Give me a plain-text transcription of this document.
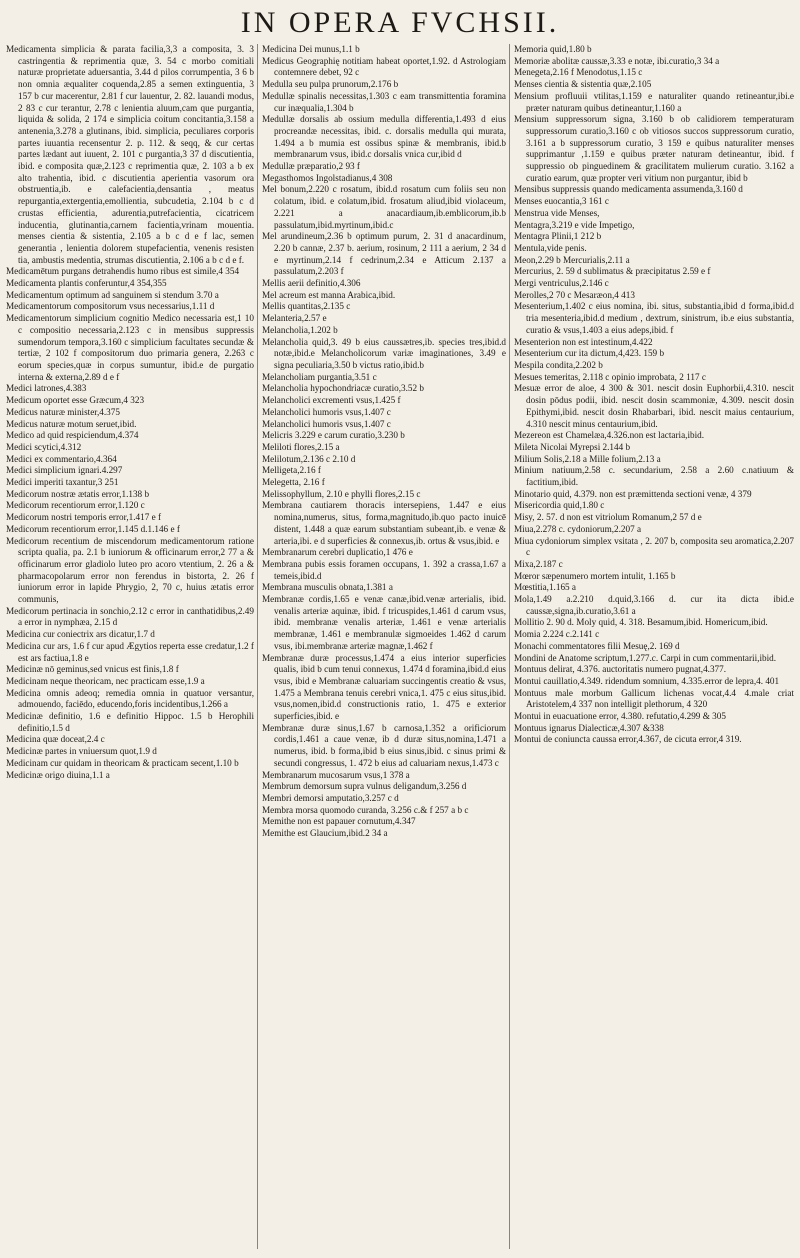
IN OPERA FVCHSII.

Medicamenta simplicia & parata facilia,3,3 a composita, 3. 3 castringentia & reprimentia quæ, 3. 54 c morbo comitiali naturæ proprietate aduersantia, 3.44 d pilos corrumpentia, 3 6 b non omnia æqualiter coquenda,2.85 a semen extinguentia, 3 157 b cur macerentur, 2.81 f cur lauentur, 2. 82. lauandi modus, 2 83 c cur terantur, 2.78 c lenientia aluum,cam que purgantia, liquida & solida, 2 174 e simplicia coitum concitantia,3.158 a antenenia,3.278 a glutinans, ibid. simplicia, peculiares corporis partes iuuantia recensentur 2. p. 112. & seqq, & cur certas partes lædant aut iuuent, 2. 101 c purgantia,3 37 d discutientia, ibid. e composita quæ,2.123 c reprimentia quæ, 2. 103 a b ex alto trahentia, ibid. c discutientia aperientia vasorum ora obstruentia,ib. e calefacientia,densantia , meatus repurgantia,extergentia,emollientia, subcudetia, 2.104 b c d crustas efficientia, adurentia,putrefacientia, cicatricem inducentia, glutinantia,carnem facientia,vrinam mouentia. menses cientia & sistentia, 2.105 a b c d e f lac, semen generantia , lenientia dolorem stupefacientia, venenis resisten tia, ambustis medentia, strumas discutientia, 2.106 a b c d e f.

Medicamētum purgans detrahendis humo ribus est simile,4 354

Medicamenta plantis conferuntur,4 354,355

Medicamentum optimum ad sanguinem si stendum 3.70 a

Medicamentorum compositorum vsus necessarius,1.11 d

Medicamentorum simplicium cognitio Medico necessaria est,1 10 c compositio necessaria,2.123 c in mensibus suppressis sumendorum tempora,3.160 c simplicium facultates secundæ & tertiæ, 2 102 f compositorum duo primaria genera, 2.263 c eorum species,quæ in corpus sumuntur, ibid.e de purgatio interna & externa,2.89 d e f

Medici latrones,4.383

Medicum oportet esse Græcum,4 323

Medicus naturæ minister,4.375

Medicus naturæ motum seruet,ibid.

Medico ad quid respiciendum,4.374

Medici scytici,4.312

Medici ex commentario,4.364

Medici simplicium ignari.4.297

Medici imperiti taxantur,3 251

Medicorum nostræ ætatis error,1.138 b

Medicorum recentiorum error,1.120 c

Medicorum nostri temporis error,1.417 e f

Medicorum recentiorum error,1.145 d.1.146 e f

Medicorum recentium de miscendorum medicamentorum ratione scripta qualia, pa. 2.1 b iuniorum & officinarum error,2 77 a & officinarum error gladiolo luteo pro acoro vtentium, 2. 26 a & pharmacopolarum error non ferendus in bistorta, 2. 26 f iuniorum error in lapide Phrygio, 2, 70 c, huius ætatis error communis,

Medicorum pertinacia in sonchio,2.12 c error in canthatidibus,2.49 a error in nymphæa, 2.15 d

Medicina cur coniectrix ars dicatur,1.7 d

Medicina cur ars, 1.6 f cur apud Ægytios reperta esse credatur,1.2 f est ars factiua,1.8 e

Medicinæ nō geminus,sed vnicus est finis,1.8 f

Medicinam neque theoricam, nec practicam esse,1.9 a

Medicina omnis adeoq; remedia omnia in quatuor versantur, admouendo, faciēdo, educendo,foris incidentibus,1.266 a

Medicinæ definitio, 1.6 e definitio Hippoc. 1.5 b Herophili definitio,1.5 d

Medicina quæ doceat,2.4 c

Medicinæ partes in vniuersum quot,1.9 d

Medicinam cur quidam in theoricam & practicam secent,1.10 b

Medicinæ origo diuina,1.1 a

Medicina Dei munus,1.1 b

Medicus Geographię notitiam habeat oportet,1.92. d Astrologiam contemnere debet, 92 c

Medulla seu pulpa prunorum,2.176 b

Medullæ spinalis necessitas,1.303 c eam transmittentia foramina cur inæqualia,1.304 b

Medullæ dorsalis ab ossium medulla differentia,1.493 d eius procreandæ necessitas, ibid. c. dorsalis medulla qui murata, 1.494 a b mumia est ossibus spinæ & membranis, ibid.b membranarum vsus, ibid.c dorsalis vnica cur,ibid d

Medullæ præparatio,2 93 f

Megasthomos Ingolstadianus,4 308

Mel bonum,2.220 c rosatum, ibid.d rosatum cum foliis seu non colatum, ibid. e colatum,ibid. frosatum aliud,ibid violaceum, 2.221 a anacardiaum,ib.emblicorum,ib.b passulatum,ibid.myrtinum,ibid.c

Mel arundineum,2.36 b optimum purum, 2. 31 d anacardinum, 2.20 b cannæ, 2.37 b. aerium, rosinum, 2 111 a aerium, 2 34 d e myrtinum,2.14 f cedrinum,2.34 e Atticum 2.137 a passulatum,2.203 f

Mellis aerii definitio,4.306

Mel acreum est manna Arabica,ibid.

Mellis quantitas,2.135 c

Melanteria,2.57 e

Melancholia,1.202 b

Melancholia quid,3. 49 b eius caussætres,ib. species tres,ibid.d notæ,ibid.e Melancholicorum variæ imaginationes, 3.49 e signa peculiaria,3.50 b victus ratio,ibid.b

Melancholiam purgantia,3.51 c

Melancholia hypochondriacæ curatio,3.52 b

Melancholici excrementi vsus,1.425 f

Melancholici humoris vsus,1.407 c

Melancholici humoris vsus,1.407 c

Melicris 3.229 e carum curatio,3.230 b

Meliloti flores,2.15 a

Melilotum,2.136 c 2.10 d

Melligeta,2.16 f

Melegetta, 2.16 f

Melissophyllum, 2.10 e phylli flores,2.15 c

Membrana cautiarem thoracis intersepiens, 1.447 e eius nomina,numerus, situs, forma,magnitudo,ib.quo pacto inuicē distent, 1.448 a quæ earum substantiam subeant,ib. e venæ & arteria,ibi. e d superficies & connexus,ib. ortus & vsus,ibid. e

Membranarum cerebri duplicatio,1 476 e

Membrana pubis essis foramen occupans, 1. 392 a crassa,1.67 a temeis,ibid.d

Membrana musculis obnata,1.381 a

Membranæ cordis,1.65 e venæ canæ,ibid.venæ arterialis, ibid. venalis arteriæ aquinæ, ibid. f tricuspides,1.461 d carum vsus, ibid. membranæ venalis arteriæ, 1.461 e venæ arterialis membranæ, 1.461 e membranulæ sigmoeides 1.462 d carum vsus, ibi.membranæ arteriæ magnæ,1.462 f

Membranæ duræ processus,1.474 a eius interior superficies qualis, ibid b cum tenui connexus, 1.474 d foramina,ibid.d eius vsus, ibid e Membranæ caluariam succingentis creatio & vsus, 1.475 a Membrana tenuis cerebri vnica,1. 475 c eius situs,ibid. vsus,nomen,ibid.d constructionis ratio, 1. 475 e exterior superficies,ibid. e

Membranæ duræ sinus,1.67 b carnosa,1.352 a orificiorum cordis,1.461 a caue venæ, ib d duræ situs,nomina,1.471 a numerus, ibid. b forma,ibid b eius sinus,ibid. c sinus primi & secundi congressus, 1. 472 b eius ad caluariam nexus,1.473 c

Membranarum mucosarum vsus,1 378 a

Membrum demorsum supra vulnus deligandum,3.256 d

Membri demorsi amputatio,3.257 c d

Membra morsa quomodo curanda, 3.256 c.& f 257 a b c

Memithe non est papauer cornutum,4.347

Memithe est Glaucium,ibid.2 34 a

Memoria quid,1.80 b

Memoriæ abolitæ caussæ,3.33 e notæ, ibi.curatio,3 34 a

Menegeta,2.16 f Menodotus,1.15 c

Menses cientia & sistentia quæ,2.105

Mensium profluuii vtilitas,1.159 e naturaliter quando retineantur,ibi.e præter naturam quibus detineantur,1.160 a

Mensium suppressorum signa, 3.160 b ob calidiorem temperaturam suppressorum curatio,3.160 c ob vitiosos succos suppressorum curatio, 3.161 a b suppressorum curatio, 3 159 e quibus naturaliter menses supprimantur ,1.159 e quibus præter naturam detineantur, ibid. f suppressio ob pinguedinem & gracilitatem mulierum curatio. 3.162 a curatio earum, quæ propter veri vitium non purgantur, ibid b

Mensibus suppressis quando medicamenta assumenda,3.160 d

Menses euocantia,3 161 c

Menstrua vide Menses,

Mentagra,3.219 e vide Impetigo,

Mentagra Plinii,1 212 b

Mentula,vide penis.

Meon,2.29 b Mercurialis,2.11 a

Mercurius, 2. 59 d sublimatus & præcipitatus 2.59 e f

Mergi ventriculus,2.146 c

Merolles,2 70 c Mesaræon,4 413

Mesenterium,1.402 c eius nomina, ibi. situs, substantia,ibid d forma,ibid.d tria mesenteria,ibid.d medium , dextrum, sinistrum, ib.e eius substantia, curatio & vsus,1.403 a eius adeps,ibid. f

Mesenterion non est intestinum,4.422

Mesenterium cur ita dictum,4,423. 159 b

Mespila condita,2.202 b

Mesues temeritas, 2.118 c opinio improbata, 2 117 c

Mesuæ error de aloe, 4 300 & 301. nescit dosin Euphorbii,4.310. nescit dosin pōdus podii, ibid. nescit dosin scammoniæ, 4.309. nescit dosin Epithymi,ibid. nescit dosin Rhabarbari, ibid. nescit maius centaurium, 4.310 nescit minus centaurium,ibid.

Mezereon est Chamelæa,4.326.non est lactaria,ibid.

Mileta Nicolai Myrepsi 2.144 b

Milium Solis,2.18 a Mille folium,2.13 a

Minium natiuum,2.58 c. secundarium, 2.58 a 2.60 c.natiuum & factitium,ibid.

Minotario quid, 4.379. non est præmittenda sectioni venæ, 4 379

Misericordia quid,1.80 c

Misy, 2. 57. d non est vitriolum Romanum,2 57 d e

Miua,2.278 c. cydoniorum,2.207 a

Miua cydoniorum simplex vsitata , 2. 207 b, composita seu aromatica,2.207 c

Mixa,2.187 c

Mœror sæpenumero mortem intulit, 1.165 b

Mœstitia,1.165 a

Mola,1.49 a.2.210 d.quid,3.166 d. cur ita dicta ibid.e caussæ,signa,ib.curatio,3.61 a

Mollitio 2. 90 d. Moly quid, 4. 318. Besamum,ibid. Homericum,ibid.

Momia 2.224 c.2.141 c

Monachi commentatores filii Mesuę,2. 169 d

Mondini de Anatome scriptum,1.277.c. Carpi in cum commentarii,ibid.

Montuus delirat, 4.376. auctoritatis numero pugnat,4.377.

Montui cauillatio,4.349. ridendum somnium, 4.335.error de lepra,4. 401

Montuus male morbum Gallicum lichenas vocat,4.4 4.male criat Aristotelem,4 337 non intelligit plethorum, 4 320

Montui in euacuatione error, 4.380. refutatio,4.299 & 305

Montuus ignarus Dialecticæ,4.307 &338

Montui de coniuncta caussa error,4.367, de cicuta error,4 319.
